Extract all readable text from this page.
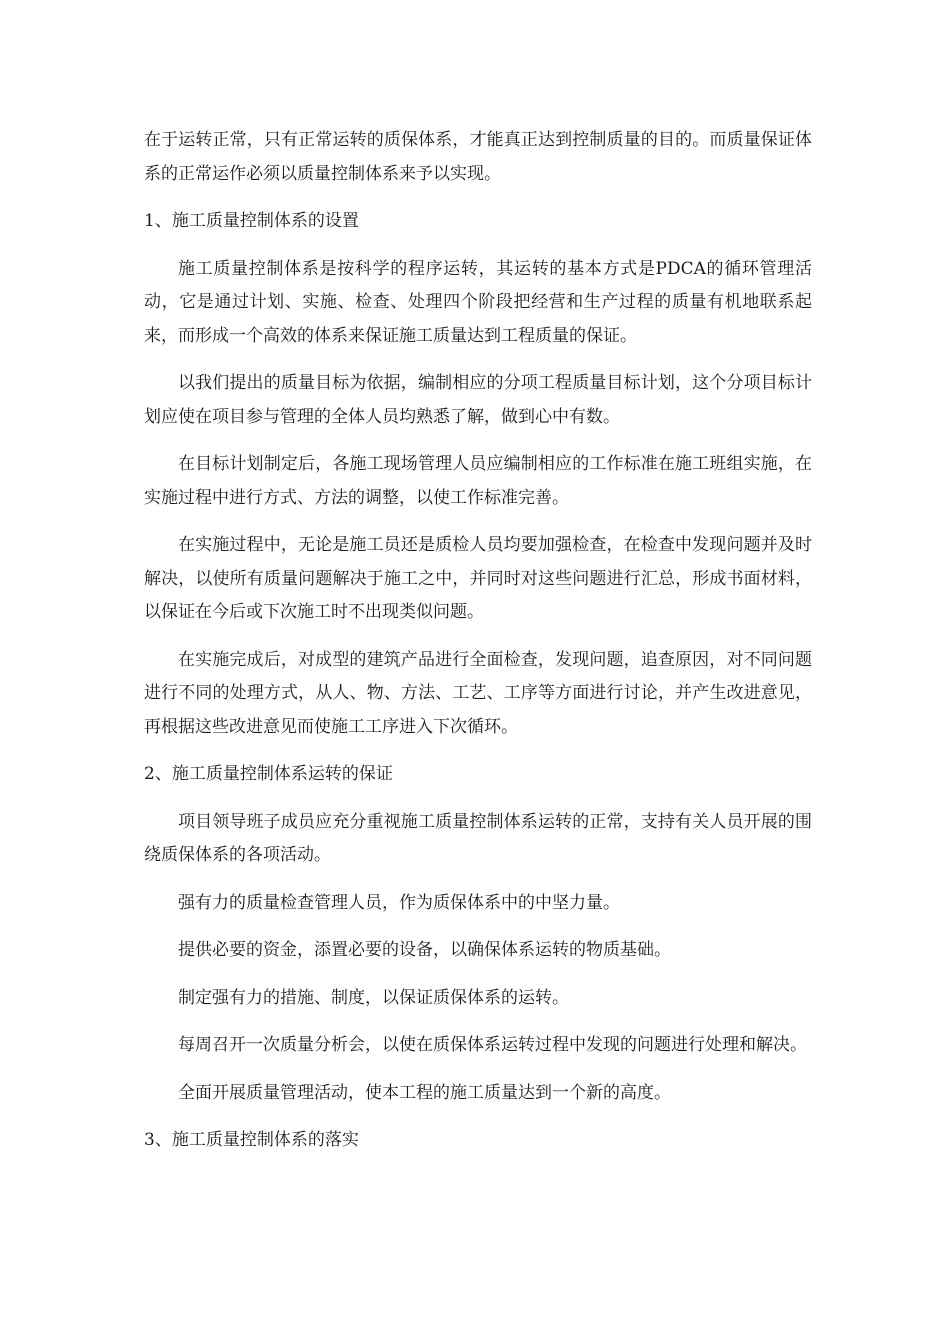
在于运转正常，只有正常运转的质保体系，才能真正达到控制质量的目的。而质量保证体系的正常运作必须以质量控制体系来予以实现。

1、施工质量控制体系的设置

施工质量控制体系是按科学的程序运转，其运转的基本方式是PDCA的循环管理活动，它是通过计划、实施、检查、处理四个阶段把经营和生产过程的质量有机地联系起来，而形成一个高效的体系来保证施工质量达到工程质量的保证。

以我们提出的质量目标为依据，编制相应的分项工程质量目标计划，这个分项目标计划应使在项目参与管理的全体人员均熟悉了解，做到心中有数。

在目标计划制定后，各施工现场管理人员应编制相应的工作标准在施工班组实施，在实施过程中进行方式、方法的调整，以使工作标准完善。

在实施过程中，无论是施工员还是质检人员均要加强检查，在检查中发现问题并及时解决，以使所有质量问题解决于施工之中，并同时对这些问题进行汇总，形成书面材料，以保证在今后或下次施工时不出现类似问题。

在实施完成后，对成型的建筑产品进行全面检查，发现问题，追查原因，对不同问题进行不同的处理方式，从人、物、方法、工艺、工序等方面进行讨论，并产生改进意见，再根据这些改进意见而使施工工序进入下次循环。

2、施工质量控制体系运转的保证

项目领导班子成员应充分重视施工质量控制体系运转的正常，支持有关人员开展的围绕质保体系的各项活动。

强有力的质量检查管理人员，作为质保体系中的中坚力量。

提供必要的资金，添置必要的设备，以确保体系运转的物质基础。

制定强有力的措施、制度，以保证质保体系的运转。

每周召开一次质量分析会，以使在质保体系运转过程中发现的问题进行处理和解决。

全面开展质量管理活动，使本工程的施工质量达到一个新的高度。

3、施工质量控制体系的落实
